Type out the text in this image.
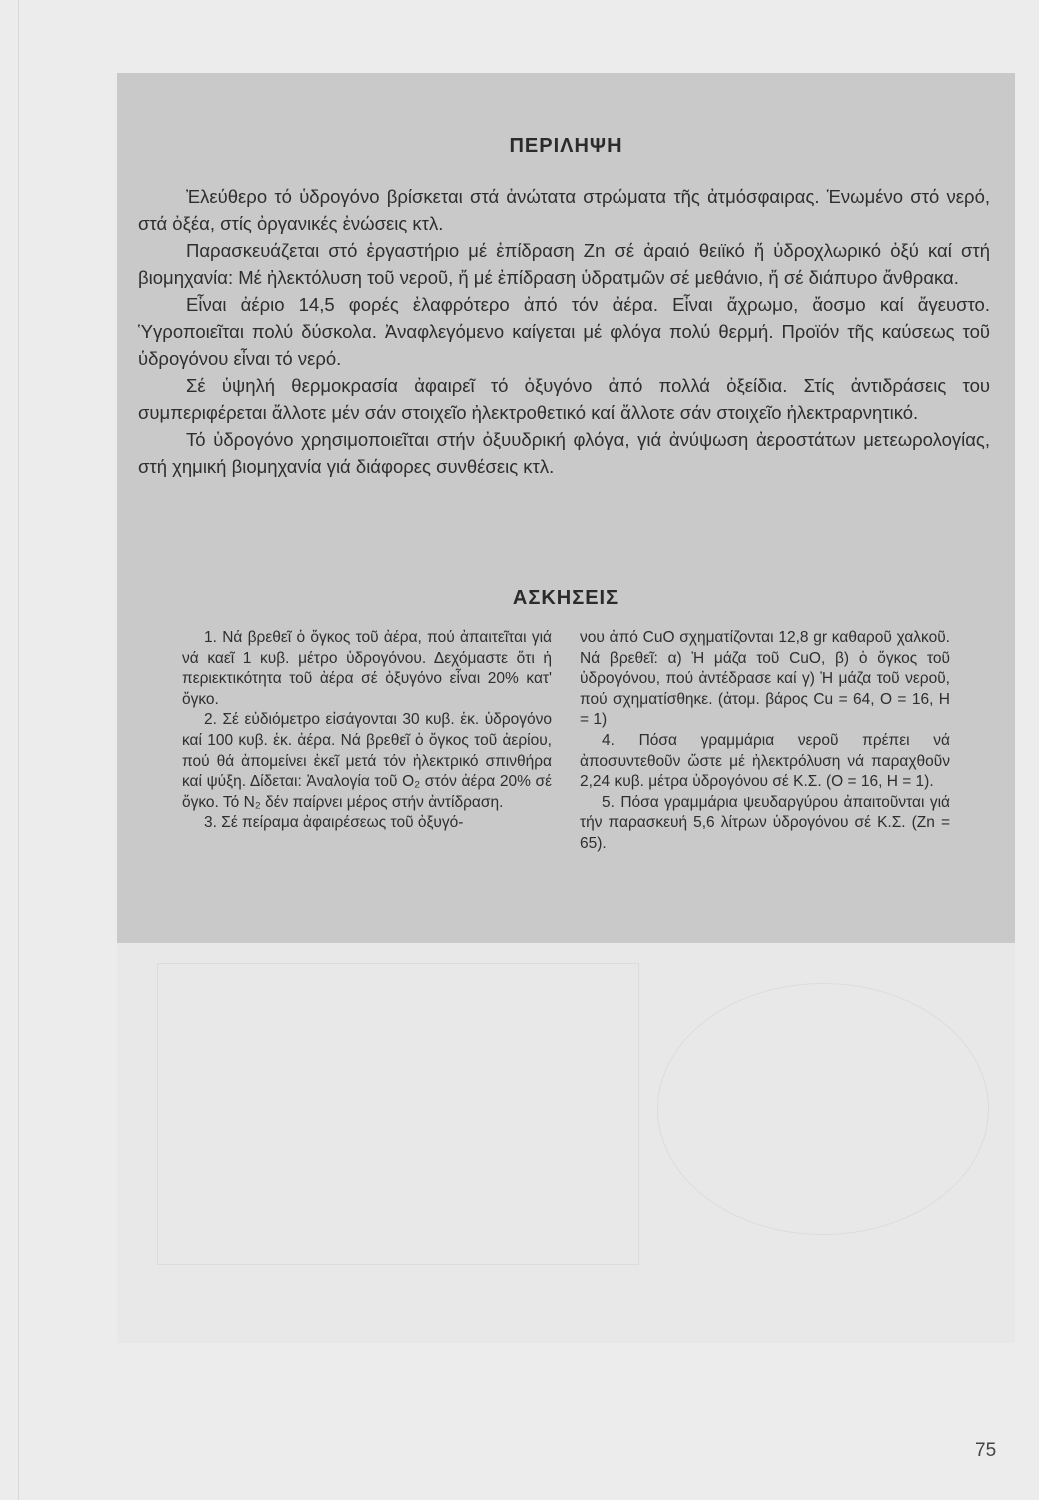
ΠΕΡΙΛΗΨΗ

Ἐλεύθερο τό ὑδρογόνο βρίσκεται στά ἀνώτατα στρώματα τῆς ἀτμόσφαιρας. Ἑνωμένο στό νερό, στά ὀξέα, στίς ὀργανικές ἐνώσεις κτλ.

Παρασκευάζεται στό ἐργαστήριο μέ ἐπίδραση Zn σέ ἀραιό θειϊκό ἤ ὑδροχλωρικό ὀξύ καί στή βιομηχανία: Μέ ἠλεκτόλυση τοῦ νεροῦ, ἤ μέ ἐπίδραση ὑδρατμῶν σέ μεθάνιο, ἤ σέ διάπυρο ἄνθρακα.

Εἶναι ἀέριο 14,5 φορές ἐλαφρότερο ἀπό τόν ἀέρα. Εἶναι ἄχρωμο, ἄοσμο καί ἄγευστο. Ὑγροποιεῖται πολύ δύσκολα. Ἀναφλεγόμενο καίγεται μέ φλόγα πολύ θερμή. Προϊόν τῆς καύσεως τοῦ ὑδρογόνου εἶναι τό νερό.

Σέ ὑψηλή θερμοκρασία ἀφαιρεῖ τό ὀξυγόνο ἀπό πολλά ὀξείδια. Στίς ἀντιδράσεις του συμπεριφέρεται ἄλλοτε μέν σάν στοιχεῖο ἠλεκτροθετικό καί ἄλλοτε σάν στοιχεῖο ἠλεκτραρνητικό.

Τό ὑδρογόνο χρησιμοποιεῖται στήν ὀξυυδρική φλόγα, γιά ἀνύψωση ἀεροστάτων μετεωρολογίας, στή χημική βιομηχανία γιά διάφορες συνθέσεις κτλ.

ΑΣΚΗΣΕΙΣ

1. Νά βρεθεῖ ὁ ὄγκος τοῦ ἀέρα, πού ἀπαιτεῖται γιά νά καεῖ 1 κυβ. μέτρο ὑδρογόνου. Δεχόμαστε ὅτι ἡ περιεκτικότητα τοῦ ἀέρα σέ ὀξυγόνο εἶναι 20% κατ' ὄγκο.

2. Σέ εὐδιόμετρο εἰσάγονται 30 κυβ. ἑκ. ὑδρογόνο καί 100 κυβ. ἑκ. ἀέρα. Νά βρεθεῖ ὁ ὄγκος τοῦ ἀερίου, πού θά ἀπομείνει ἐκεῖ μετά τόν ἠλεκτρικό σπινθήρα καί ψύξη. Δίδεται: Ἀναλογία τοῦ O₂ στόν ἀέρα 20% σέ ὄγκο. Τό N₂ δέν παίρνει μέρος στήν ἀντίδραση.

3. Σέ πείραμα ἀφαιρέσεως τοῦ ὀξυγό-

νου ἀπό CuO σχηματίζονται 12,8 gr καθαροῦ χαλκοῦ. Νά βρεθεῖ: α) Ἡ μάζα τοῦ CuO, β) ὁ ὄγκος τοῦ ὑδρογόνου, πού ἀντέδρασε καί γ) Ἡ μάζα τοῦ νεροῦ, πού σχηματίσθηκε. (ἀτομ. βάρος Cu = 64, O = 16, H = 1)

4. Πόσα γραμμάρια νεροῦ πρέπει νά ἀποσυντεθοῦν ὥστε μέ ἠλεκτρόλυση νά παραχθοῦν 2,24 κυβ. μέτρα ὑδρογόνου σέ Κ.Σ. (O = 16, H = 1).

5. Πόσα γραμμάρια ψευδαργύρου ἀπαιτοῦνται γιά τήν παρασκευή 5,6 λίτρων ὑδρογόνου σέ Κ.Σ. (Zn = 65).

75
